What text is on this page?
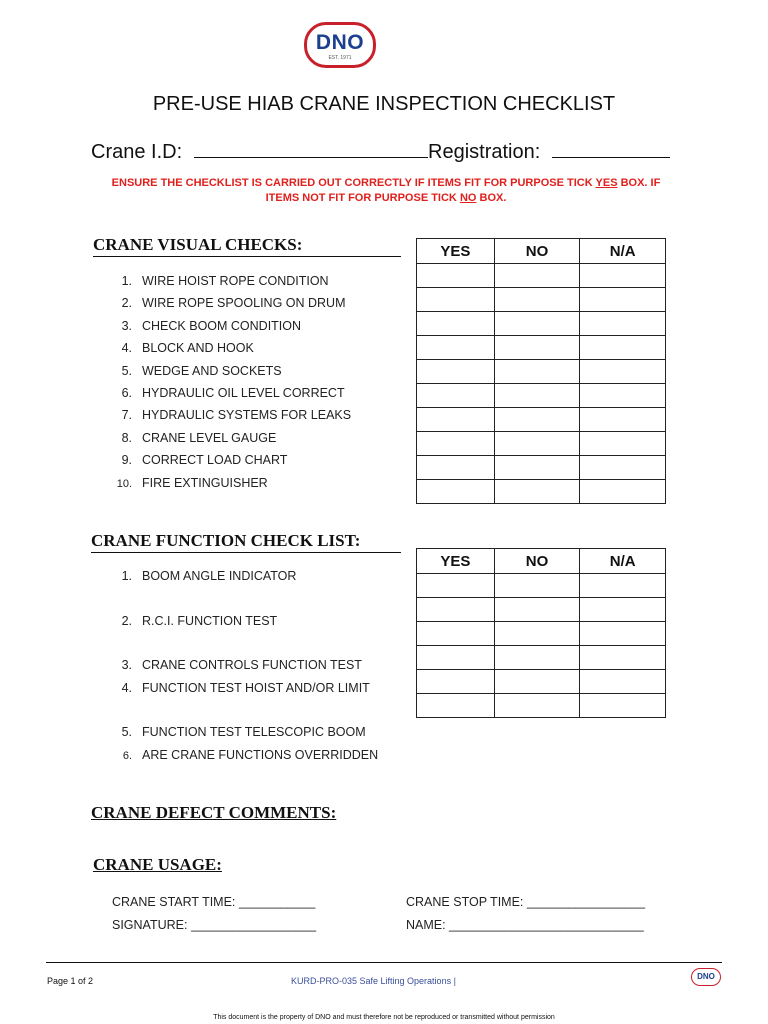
DNO
EST. 1971
PRE-USE HIAB CRANE INSPECTION CHECKLIST
Crane I.D:	Registration:
ENSURE THE CHECKLIST IS CARRIED OUT CORRECTLY IF ITEMS FIT FOR PURPOSE TICK YES BOX. IF ITEMS NOT FIT FOR PURPOSE TICK NO BOX.
CRANE VISUAL CHECKS:
1. WIRE HOIST ROPE CONDITION
2. WIRE ROPE SPOOLING ON DRUM
3. CHECK BOOM CONDITION
4. BLOCK AND HOOK
5. WEDGE AND SOCKETS
6. HYDRAULIC OIL LEVEL CORRECT
7. HYDRAULIC SYSTEMS FOR LEAKS
8. CRANE LEVEL GAUGE
9. CORRECT LOAD CHART
10. FIRE EXTINGUISHER
YES	NO	N/A

CRANE FUNCTION CHECK LIST:
1. BOOM ANGLE INDICATOR
2. R.C.I. FUNCTION TEST
3. CRANE CONTROLS FUNCTION TEST
4. FUNCTION TEST HOIST AND/OR LIMIT
5. FUNCTION TEST TELESCOPIC BOOM
6. ARE CRANE FUNCTIONS OVERRIDDEN
YES	NO	N/A

CRANE DEFECT COMMENTS:
CRANE USAGE:
CRANE START TIME: ___________	CRANE STOP TIME: _________________
SIGNATURE: __________________	NAME: ____________________________
Page 1 of 2	KURD-PRO-035 Safe Lifting Operations |	DNO
This document is the property of DNO and must therefore not be reproduced or transmitted without permission
